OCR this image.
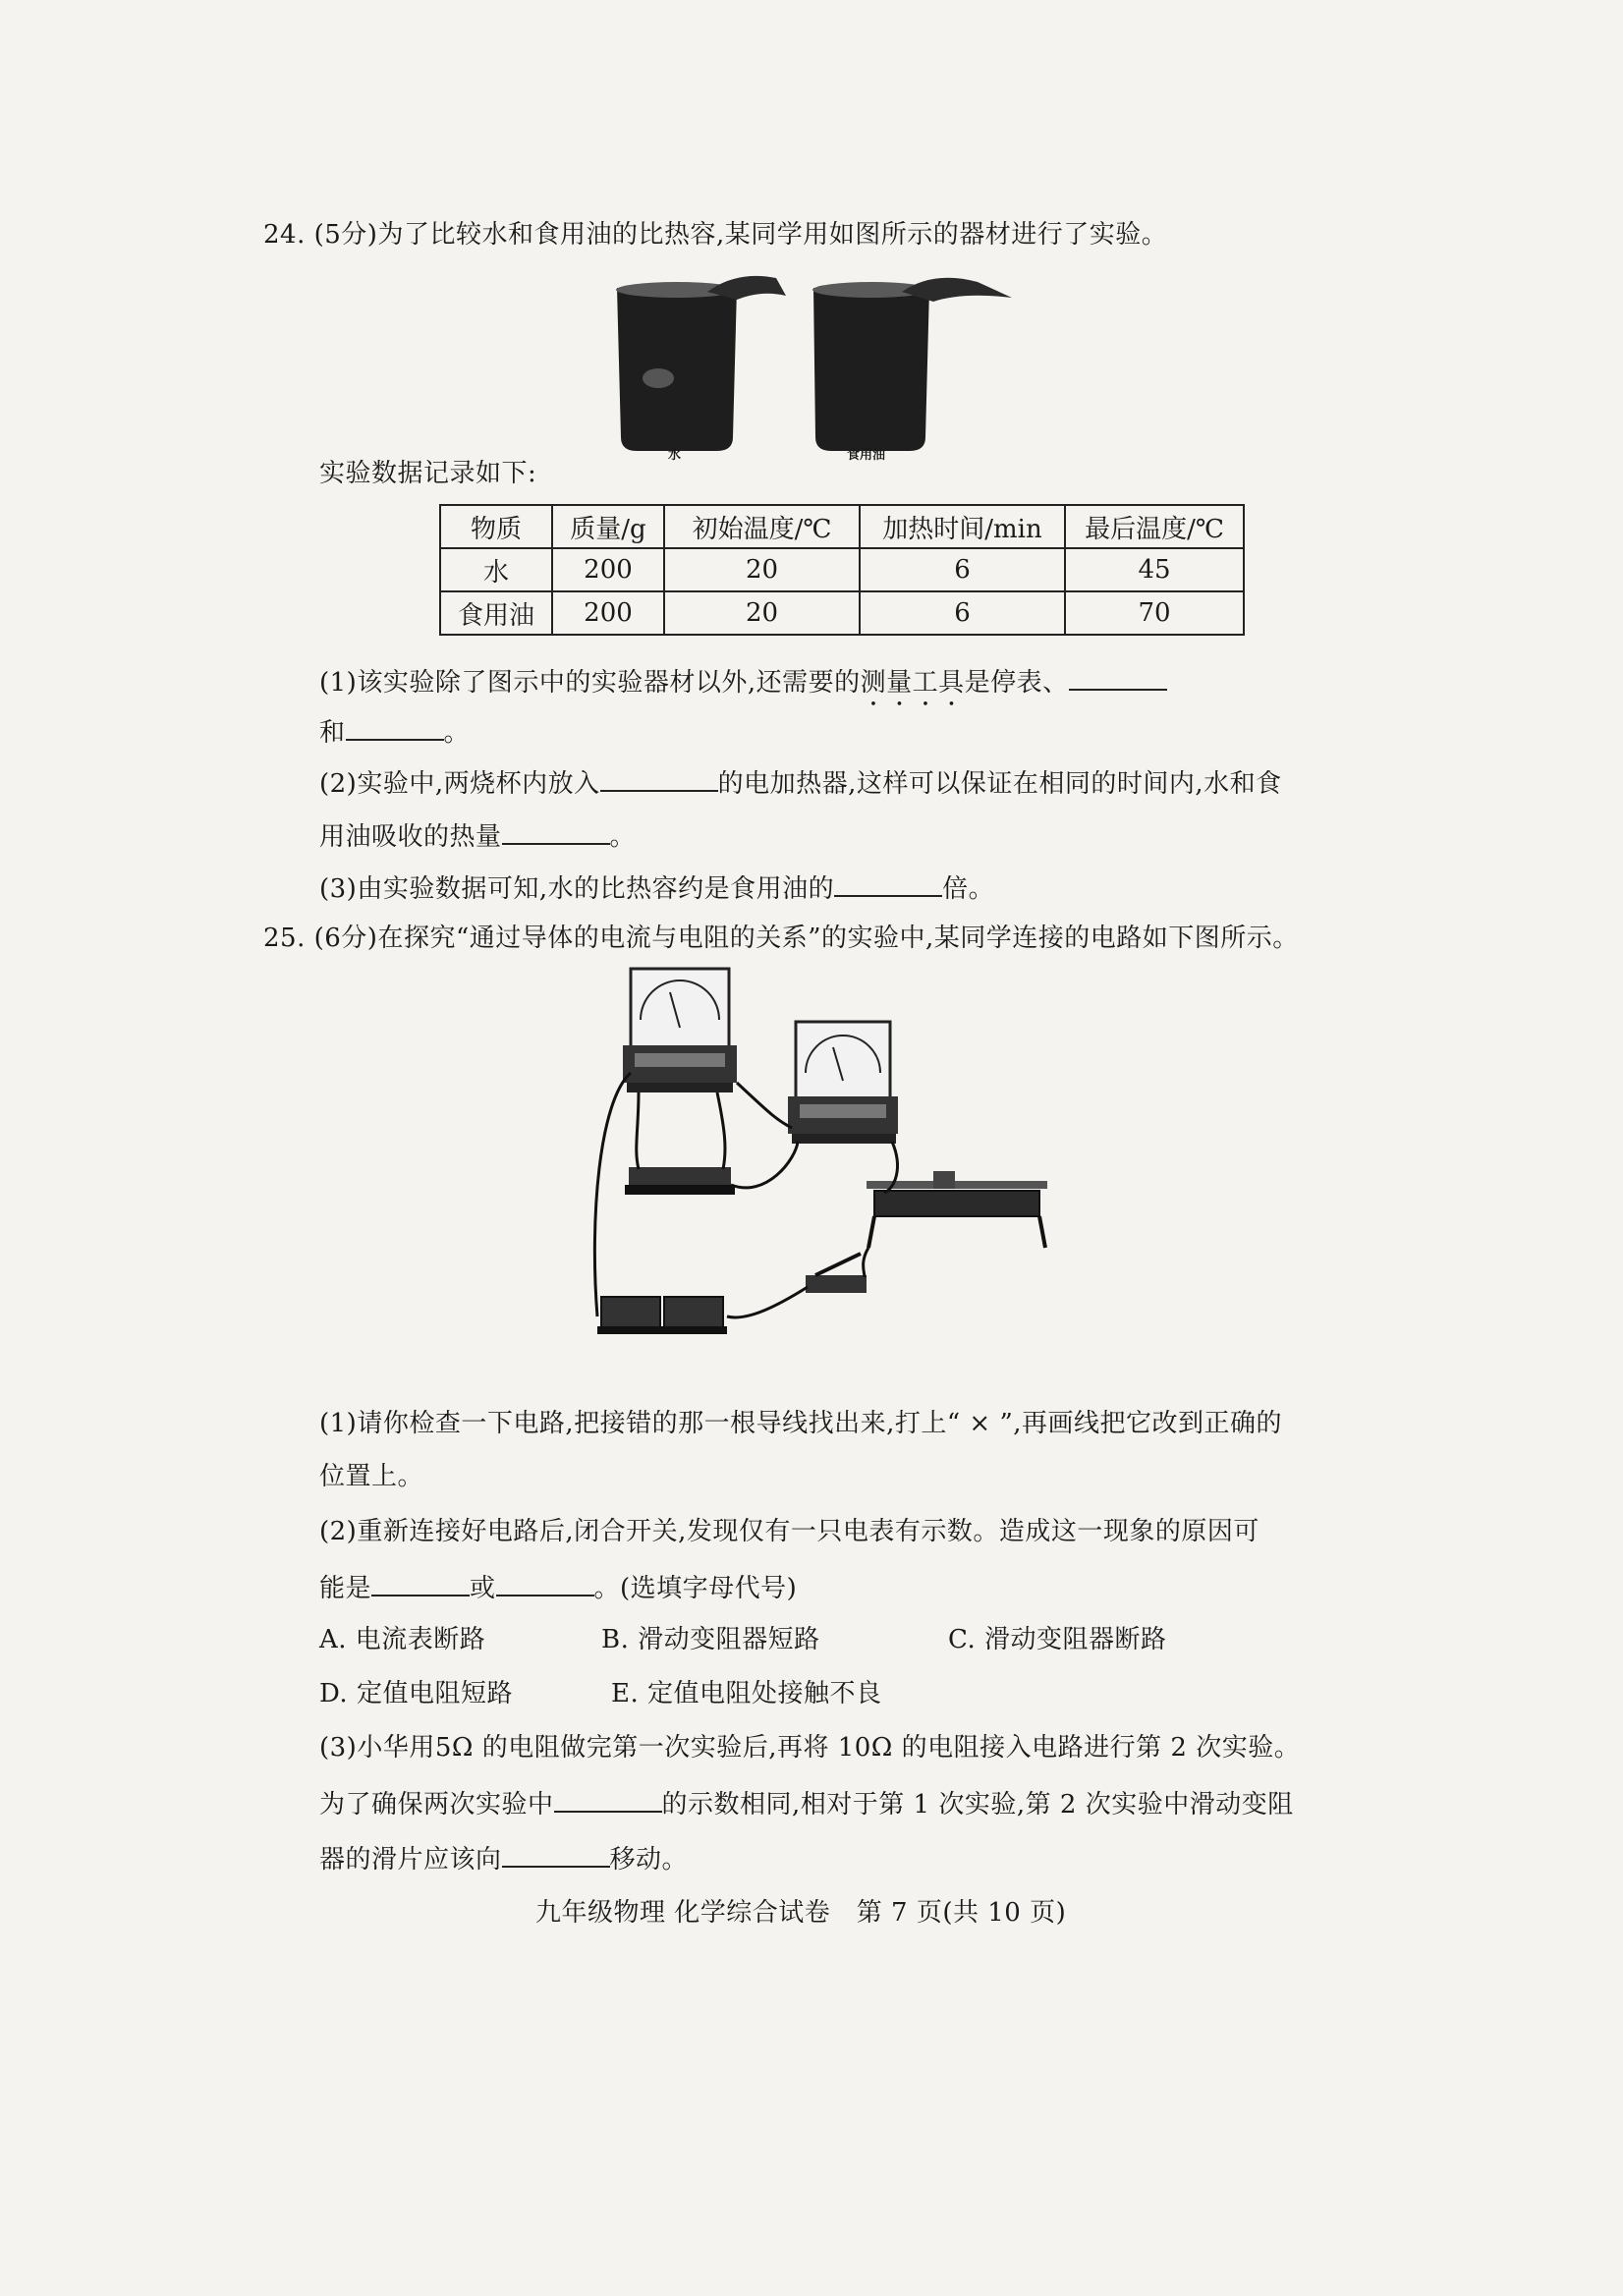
24. (5分)为了比较水和食用油的比热容,某同学用如图所示的器材进行了实验。
水	食用油
实验数据记录如下:
物质	质量/g	初始温度/℃	加热时间/min	最后温度/℃
水	200	20	6	45
食用油	200	20	6	70
(1)该实验除了图示中的实验器材以外,还需要的测量工具是停表、
和	。
(2)实验中,两烧杯内放入	的电加热器,这样可以保证在相同的时间内,水和食
用油吸收的热量	。
(3)由实验数据可知,水的比热容约是食用油的	倍。
25. (6分)在探究“通过导体的电流与电阻的关系”的实验中,某同学连接的电路如下图所示。
(1)请你检查一下电路,把接错的那一根导线找出来,打上“ × ”,再画线把它改到正确的
位置上。
(2)重新连接好电路后,闭合开关,发现仅有一只电表有示数。造成这一现象的原因可
能是	或	。(选填字母代号)
A. 电流表断路	B. 滑动变阻器短路	C. 滑动变阻器断路
D. 定值电阻短路	E. 定值电阻处接触不良
(3)小华用5Ω 的电阻做完第一次实验后,再将 10Ω 的电阻接入电路进行第 2 次实验。
为了确保两次实验中	的示数相同,相对于第 1 次实验,第 2 次实验中滑动变阻
器的滑片应该向	移动。
九年级物理 化学综合试卷　第 7 页(共 10 页)
